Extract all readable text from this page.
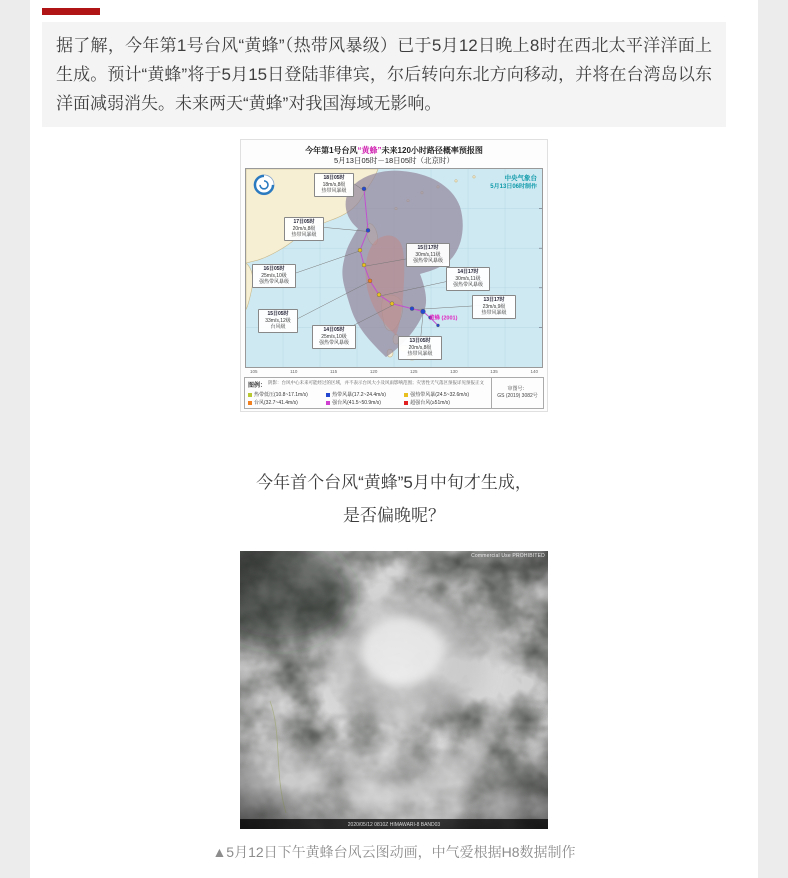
据了解，今年第1号台风“黄蜂”（热带风暴级）已于5月12日晚上8时在西北太平洋洋面上生成。预计“黄蜂”将于5月15日登陆菲律宾，尔后转向东北方向移动，并将在台湾岛以东洋面减弱消失。未来两天“黄蜂”对我国海域无影响。
今年第1号台风“黄蜂”未来120小时路径概率预报图
5月13日05时－18日05时（北京时）
黄蜂 (2001)
中央气象台
5月13日06时制作
13日05时
20m/s,8级
热带风暴级
13日17时
23m/s,9级
热带风暴级
14日05时
25m/s,10级
强热带风暴级
14日17时
30m/s,11级
强热带风暴级
15日05时
33m/s,12级
台风级
15日17时
30m/s,11级
强热带风暴级
16日05时
25m/s,10级
强热带风暴级
17日05时
20m/s,8级
热带风暴级
18日05时
18m/s,8级
热带风暴级
105	110	115	120	125	130	135	140
图例：
阴影：台风中心未来可能经过的区域，并不表示台风大小及风雨影响范围；灾害性天气落区预报详见预报正文
热带低压(10.8~17.1m/s)	热带风暴(17.2~24.4m/s)	强热带风暴(24.5~32.6m/s)
台风(32.7~41.4m/s)	强台风(41.5~50.9m/s)	超强台风(≥51m/s)
审图号：
GS (2019) 3082号
今年首个台风“黄蜂”5月中旬才生成，
是否偏晚呢？
Commercial Use PROHIBITED
2020/05/12 0810Z HIMAWARI-8 BAND03
▲5月12日下午黄蜂台风云图动画，中气爱根据H8数据制作
